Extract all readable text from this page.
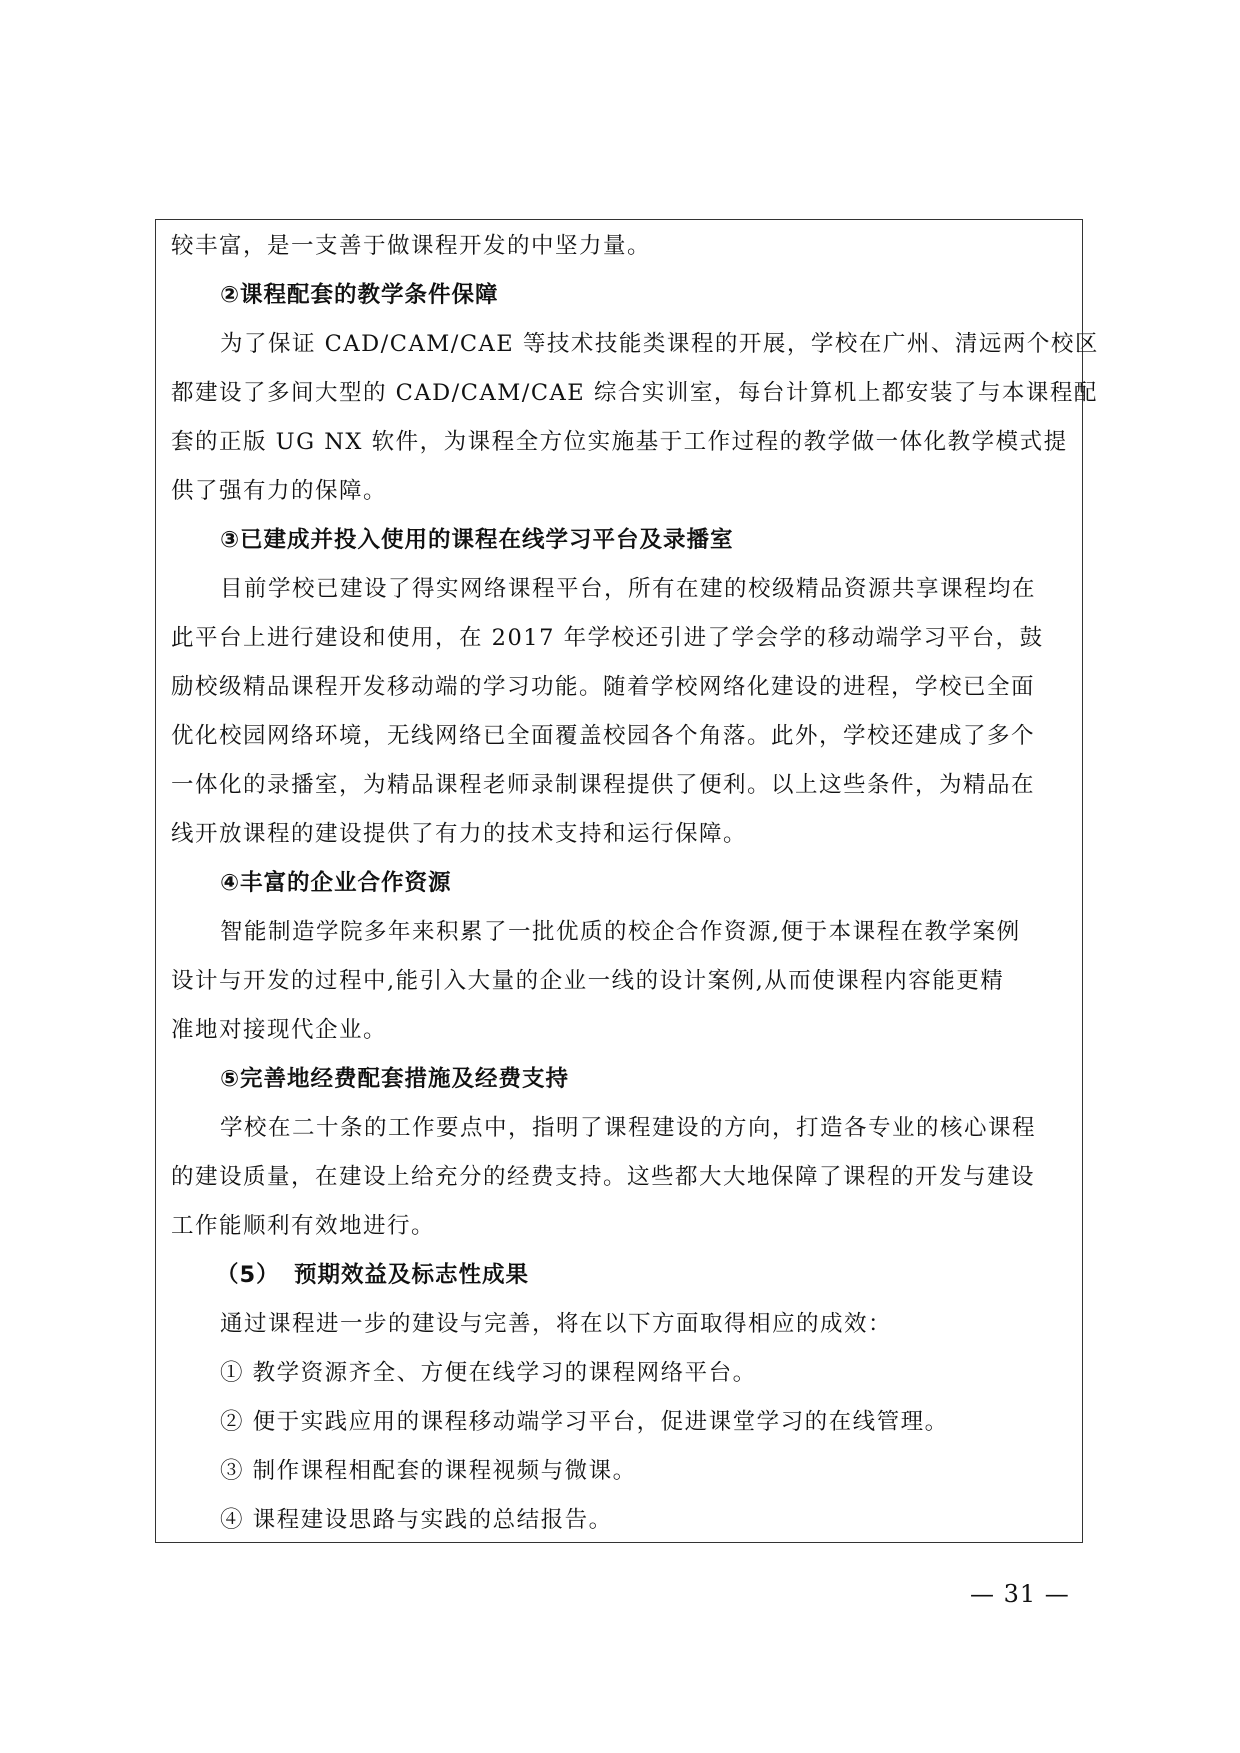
较丰富，是一支善于做课程开发的中坚力量。
②课程配套的教学条件保障
为了保证 CAD/CAM/CAE 等技术技能类课程的开展，学校在广州、清远两个校区
都建设了多间大型的 CAD/CAM/CAE 综合实训室，每台计算机上都安装了与本课程配
套的正版 UG NX 软件，为课程全方位实施基于工作过程的教学做一体化教学模式提
供了强有力的保障。
③已建成并投入使用的课程在线学习平台及录播室
目前学校已建设了得实网络课程平台，所有在建的校级精品资源共享课程均在
此平台上进行建设和使用，在 2017 年学校还引进了学会学的移动端学习平台，鼓
励校级精品课程开发移动端的学习功能。随着学校网络化建设的进程，学校已全面
优化校园网络环境，无线网络已全面覆盖校园各个角落。此外，学校还建成了多个
一体化的录播室，为精品课程老师录制课程提供了便利。以上这些条件，为精品在
线开放课程的建设提供了有力的技术支持和运行保障。
④丰富的企业合作资源
智能制造学院多年来积累了一批优质的校企合作资源,便于本课程在教学案例
设计与开发的过程中,能引入大量的企业一线的设计案例,从而使课程内容能更精
准地对接现代企业。
⑤完善地经费配套措施及经费支持
学校在二十条的工作要点中，指明了课程建设的方向，打造各专业的核心课程
的建设质量，在建设上给充分的经费支持。这些都大大地保障了课程的开发与建设
工作能顺利有效地进行。
（5） 预期效益及标志性成果
通过课程进一步的建设与完善，将在以下方面取得相应的成效：
① 教学资源齐全、方便在线学习的课程网络平台。
② 便于实践应用的课程移动端学习平台，促进课堂学习的在线管理。
③ 制作课程相配套的课程视频与微课。
④ 课程建设思路与实践的总结报告。
— 31 —
